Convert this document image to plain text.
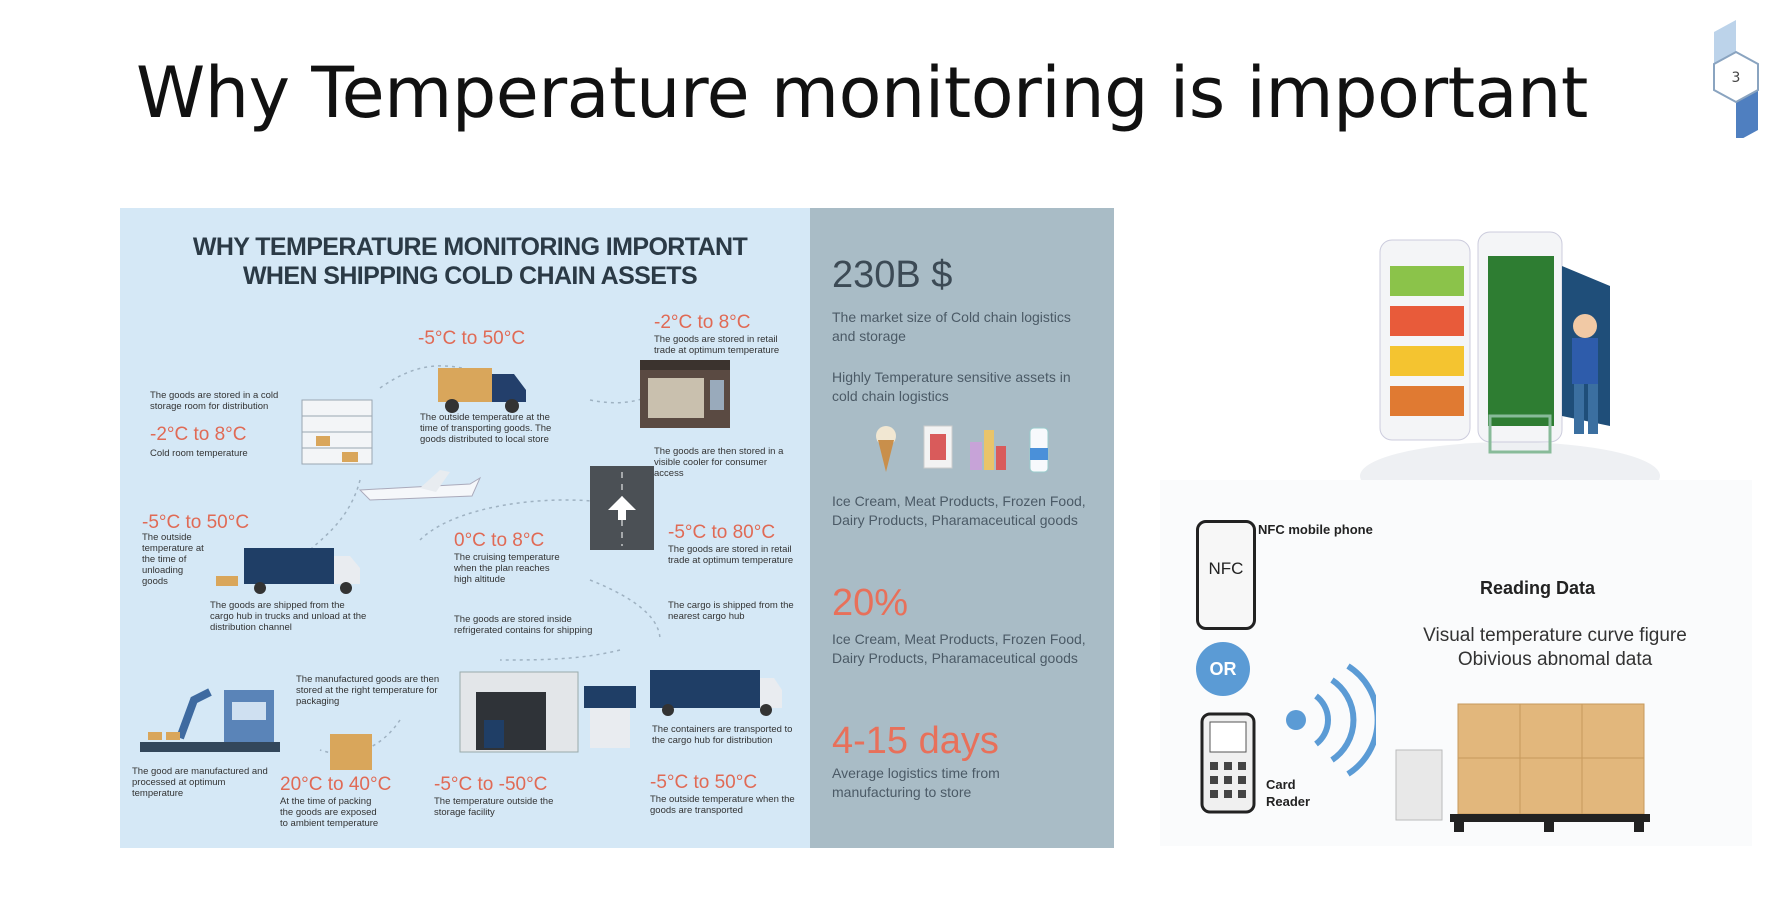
Why Temperature monitoring is important	3
WHY TEMPERATURE MONITORING IMPORTANT
WHEN SHIPPING COLD CHAIN ASSETS
-5°C to 50°C
-2°C to 8°C
-2°C to 8°C
-5°C to 50°C
0°C to 8°C	-5°C to 80°C
20°C to 40°C -5°C to -50°C	-5°C to 50°C
The goods are stored in a cold storage room for distribution
Cold room temperature
The outside temperature at the time of transporting goods. The goods distributed to local store
The goods are stored in retail trade at optimum temperature
The goods are then stored in a visible cooler for consumer access
The outside temperature at the time of unloading goods
The goods are shipped from the cargo hub in trucks and unload at the distribution channel
The cruising temperature when the plan reaches high altitude
The goods are stored in retail trade at optimum temperature
The cargo is shipped from the nearest cargo hub
The goods are stored inside refrigerated contains for shipping
The manufactured goods are then stored at the right temperature for packaging
The containers are transported to the cargo hub for distribution
The good are manufactured and processed at optimum temperature
At the time of packing the goods are exposed to ambient temperature
The temperature outside the storage facility
The outside temperature when the goods are transported
230B $
The market size of Cold chain logistics and storage
Highly Temperature sensitive assets in cold chain logistics
Ice Cream, Meat Products, Frozen Food, Dairy Products, Pharamaceutical goods
20%
Ice Cream, Meat Products, Frozen Food, Dairy Products, Pharamaceutical goods
4-15 days
Average logistics time from manufacturing to store
NFC
NFC mobile phone
OR
Card
Reader
Reading Data
Visual temperature curve figure
Obivious abnomal data
